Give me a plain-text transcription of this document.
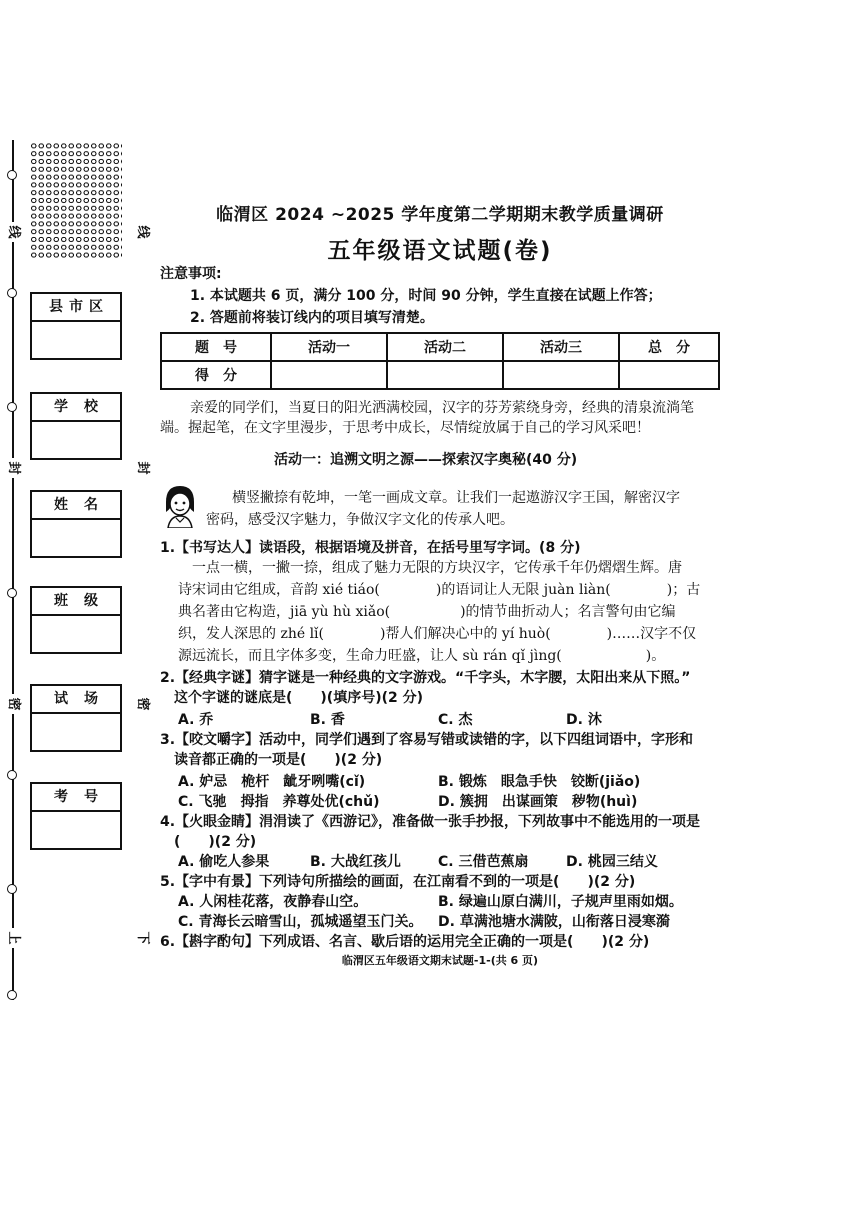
线
封
密
上
线
封
密
下
县 市 区
学 校
姓 名
班 级
试 场
考 号
临渭区 2024 ~2025 学年度第二学期期末教学质量调研
五年级语文试题(卷)
注意事项:
1. 本试题共 6 页，满分 100 分，时间 90 分钟，学生直接在试题上作答；
2. 答题前将装订线内的项目填写清楚。
题　号	活动一	活动二	活动三	总　分
得　分				
亲爱的同学们，当夏日的阳光洒满校园，汉字的芬芳萦绕身旁，经典的清泉流淌笔
端。握起笔，在文字里漫步，于思考中成长，尽情绽放属于自己的学习风采吧！
活动一：追溯文明之源——探索汉字奥秘(40 分)
横竖撇捺有乾坤，一笔一画成文章。让我们一起遨游汉字王国，解密汉字
密码，感受汉字魅力，争做汉字文化的传承人吧。
1.【书写达人】读语段，根据语境及拼音，在括号里写字词。(8 分)
　一点一横，一撇一捺，组成了魅力无限的方块汉字，它传承千年仍熠熠生辉。唐
诗宋词由它组成，音韵 xié tiáo(　　　　)的语词让人无限 juàn liàn(　　　　)；古
典名著由它构造，jiā yù hù xiǎo(　　　　　)的情节曲折动人；名言警句由它编
织，发人深思的 zhé lǐ(　　　　)帮人们解决心中的 yí huò(　　　　)……汉字不仅
源远流长，而且字体多变，生命力旺盛，让人 sù rán qǐ jìng(　　　　　　)。
2.【经典字谜】猜字谜是一种经典的文字游戏。“千字头，木字腰，太阳出来从下照。”
　这个字谜的谜底是(　　)(填序号)(2 分)
A. 乔	B. 香	C. 杰	D. 沐
3.【咬文嚼字】活动中，同学们遇到了容易写错或读错的字，以下四组词语中，字形和
　读音都正确的一项是(　　)(2 分)
A. 妒忌　桅杆　龇牙咧嘴(cǐ)	B. 锻炼　眼急手快　铰断(jiǎo)
C. 飞驰　拇指　养尊处优(chǔ)	D. 簇拥　出谋画策　秽物(huì)
4.【火眼金睛】涓涓读了《西游记》，准备做一张手抄报，下列故事中不能选用的一项是
　(　　)(2 分)
A. 偷吃人参果	B. 大战红孩儿	C. 三借芭蕉扇	D. 桃园三结义
5.【字中有景】下列诗句所描绘的画面，在江南看不到的一项是(　　)(2 分)
A. 人闲桂花落，夜静春山空。	B. 绿遍山原白满川，子规声里雨如烟。
C. 青海长云暗雪山，孤城遥望玉门关。 D. 草满池塘水满陂，山衔落日浸寒漪
6.【斟字酌句】下列成语、名言、歇后语的运用完全正确的一项是(　　)(2 分)
临渭区五年级语文期末试题-1-(共 6 页)
